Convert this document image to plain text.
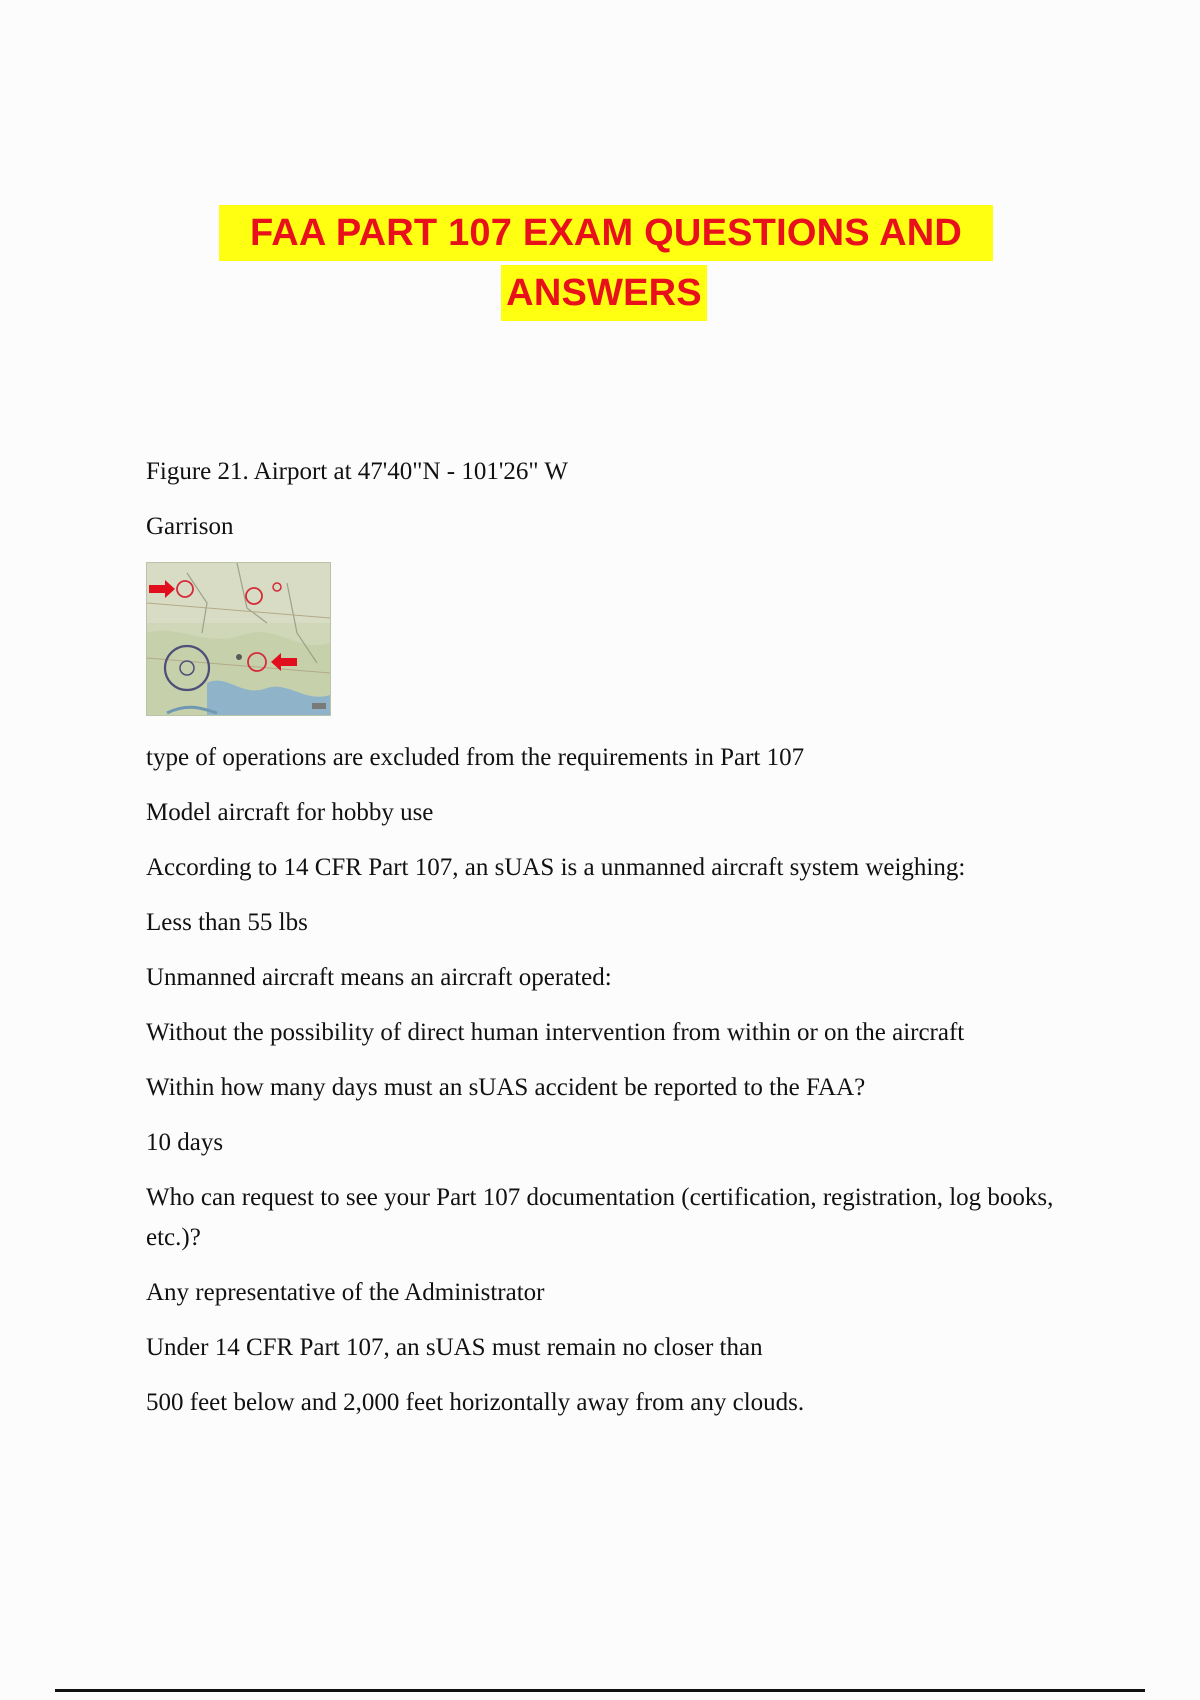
FAA PART 107 EXAM QUESTIONS AND
ANSWERS

Figure 21. Airport at 47'40"N - 101'26" W

Garrison

type of operations are excluded from the requirements in Part 107

Model aircraft for hobby use

According to 14 CFR Part 107, an sUAS is a unmanned aircraft system weighing:

Less than 55 lbs

Unmanned aircraft means an aircraft operated:

Without the possibility of direct human intervention from within or on the aircraft

Within how many days must an sUAS accident be reported to the FAA?

10 days

Who can request to see your Part 107 documentation (certification, registration, log books, etc.)?

Any representative of the Administrator

Under 14 CFR Part 107, an sUAS must remain no closer than

500 feet below and 2,000 feet horizontally away from any clouds.
